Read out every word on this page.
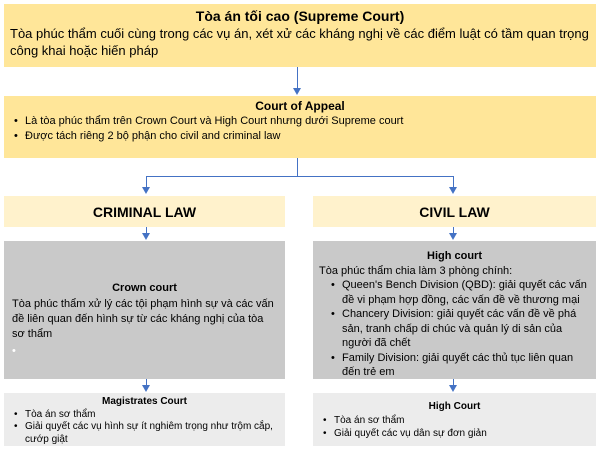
Tòa án tối cao (Supreme Court)
Tòa phúc thẩm cuối cùng trong các vụ án, xét xử các kháng nghị về các điểm luật có tầm quan trọng công khai hoặc hiến pháp
Court of Appeal
• Là tòa phúc thẩm trên Crown Court và High Court nhưng dưới Supreme court
• Được tách riêng 2 bộ phận cho civil and criminal law
CRIMINAL LAW	CIVIL LAW
Crown court
Tòa phúc thẩm xử lý các tội phạm hình sự và các vấn đề liên quan đến hình sự từ các kháng nghị của tòa sơ thẩm
•
High court
Tòa phúc thẩm chia làm 3 phòng chính:
• Queen's Bench Division (QBD): giải quyết các vấn đề vi phạm hợp đồng, các vấn đề về thương mại
• Chancery Division: giải quyết các vấn đề về phá sản, tranh chấp di chúc và quản lý di sản của người đã chết
• Family Division: giải quyết các thủ tục liên quan đến trẻ em
Magistrates Court
• Tòa án sơ thẩm
• Giải quyết các vụ hình sự ít nghiêm trọng như trộm cắp, cướp giật
High Court
• Tòa án sơ thẩm
• Giải quyết các vụ dân sự đơn giản
